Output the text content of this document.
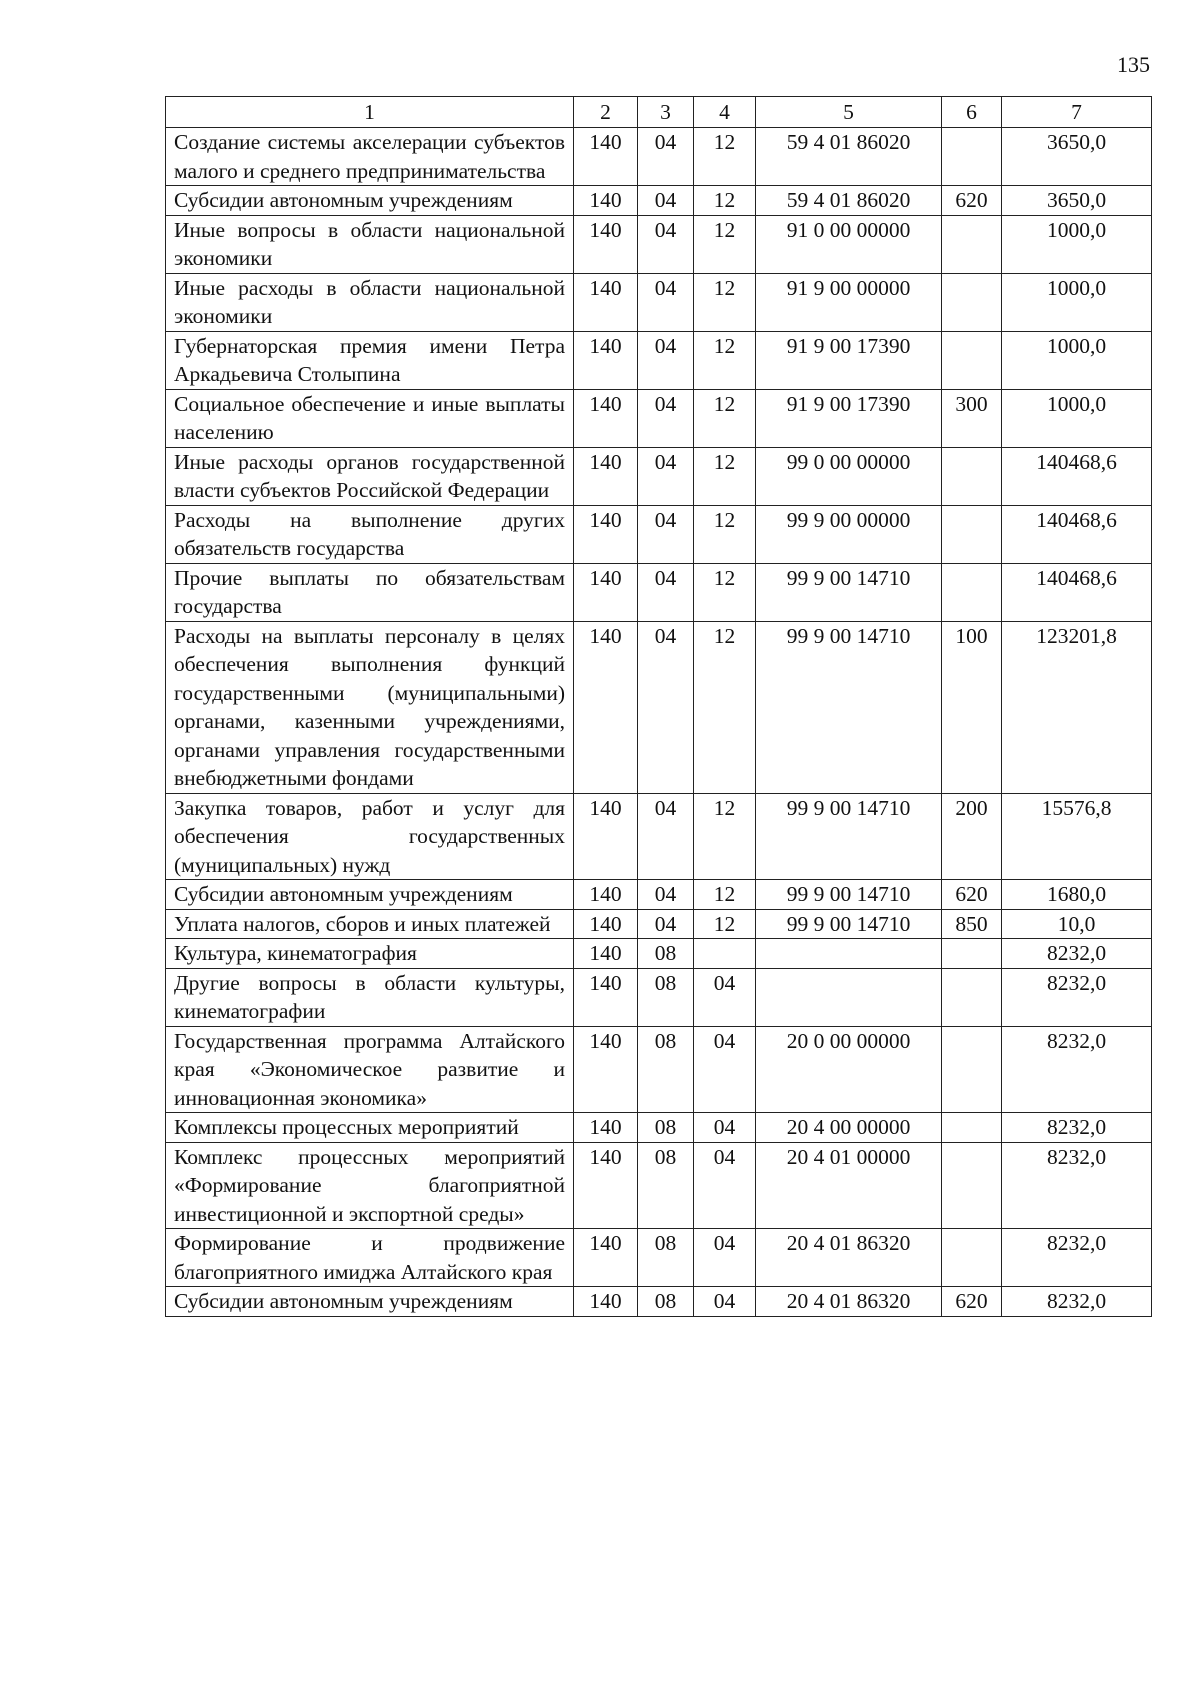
135
1	2	3	4	5	6	7
Создание системы акселерации субъектов малого и среднего предпринимательства	140	04	12	59 4 01 86020		3650,0
Субсидии автономным учреждениям	140	04	12	59 4 01 86020	620	3650,0
Иные вопросы в области национальной экономики	140	04	12	91 0 00 00000		1000,0
Иные расходы в области национальной экономики	140	04	12	91 9 00 00000		1000,0
Губернаторская премия имени Петра Аркадьевича Столыпина	140	04	12	91 9 00 17390		1000,0
Социальное обеспечение и иные выплаты населению	140	04	12	91 9 00 17390	300	1000,0
Иные расходы органов государственной власти субъектов Российской Федерации	140	04	12	99 0 00 00000		140468,6
Расходы на выполнение других обязательств государства	140	04	12	99 9 00 00000		140468,6
Прочие выплаты по обязательствам государства	140	04	12	99 9 00 14710		140468,6
Расходы на выплаты персоналу в целях обеспечения выполнения функций государственными (муниципальными) органами, казенными учреждениями, органами управления государственными внебюджетными фондами	140	04	12	99 9 00 14710	100	123201,8
Закупка товаров, работ и услуг для обеспечения государственных (муниципальных) нужд	140	04	12	99 9 00 14710	200	15576,8
Субсидии автономным учреждениям	140	04	12	99 9 00 14710	620	1680,0
Уплата налогов, сборов и иных платежей	140	04	12	99 9 00 14710	850	10,0
Культура, кинематография	140	08				8232,0
Другие вопросы в области культуры, кинематографии	140	08	04			8232,0
Государственная программа Алтайского края «Экономическое развитие и инновационная экономика»	140	08	04	20 0 00 00000		8232,0
Комплексы процессных мероприятий	140	08	04	20 4 00 00000		8232,0
Комплекс процессных мероприятий «Формирование благоприятной инвестиционной и экспортной среды»	140	08	04	20 4 01 00000		8232,0
Формирование и продвижение благоприятного имиджа Алтайского края	140	08	04	20 4 01 86320		8232,0
Субсидии автономным учреждениям	140	08	04	20 4 01 86320	620	8232,0
